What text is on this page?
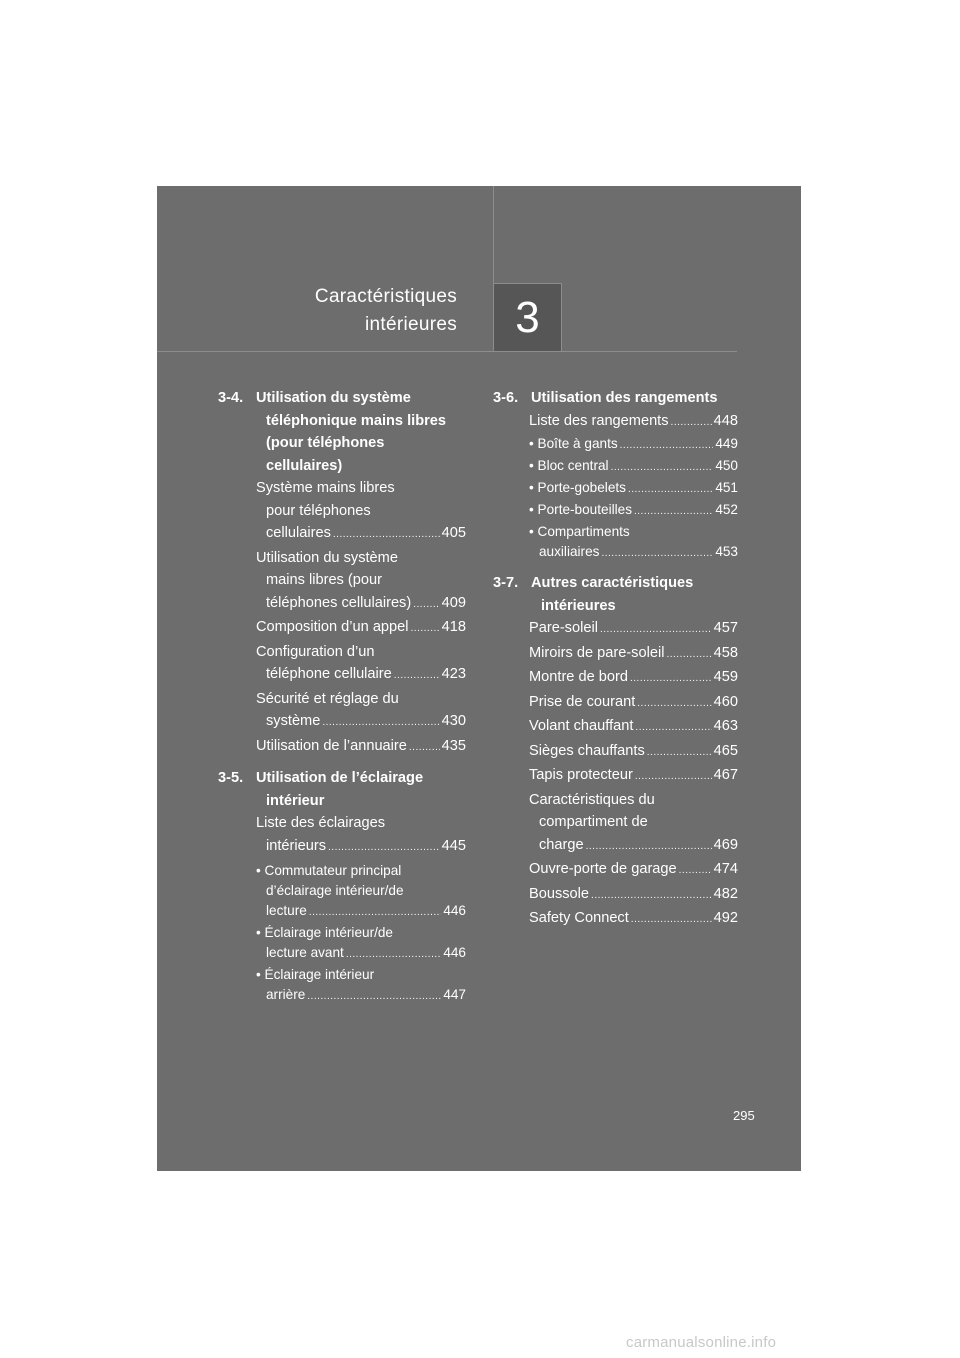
Caractéristiques
intérieures	3
3-4. Utilisation du système
téléphonique mains libres
(pour téléphones
cellulaires)
Système mains libres
pour téléphones
cellulaires .....	405
Utilisation du système
mains libres (pour
téléphones cellulaires) ..... 409
Composition d’un appel ..... 418
Configuration d’un
téléphone cellulaire .....	423
Sécurité et réglage du
système .....	430
Utilisation de l’annuaire ..... 435
3-5. Utilisation de l’éclairage
intérieur
Liste des éclairages
intérieurs .....	445
• Commutateur principal
d’éclairage intérieur/de
lecture .....	446
• Éclairage intérieur/de
lecture avant .....	446
• Éclairage intérieur
arrière .....	447
3-6. Utilisation des rangements
Liste des rangements .....	448
• Boîte à gants .....	449
• Bloc central .....	450
• Porte-gobelets .....	451
• Porte-bouteilles .....	452
• Compartiments
auxiliaires .....	453
3-7. Autres caractéristiques
intérieures
Pare-soleil .....	457
Miroirs de pare-soleil .....	458
Montre de bord .....	459
Prise de courant .....	460
Volant chauffant .....	463
Sièges chauffants .....	465
Tapis protecteur .....	467
Caractéristiques du
compartiment de
charge .....	469
Ouvre-porte de garage .....	474
Boussole .....	482
Safety Connect .....	492
295
carmanualsonline.info
